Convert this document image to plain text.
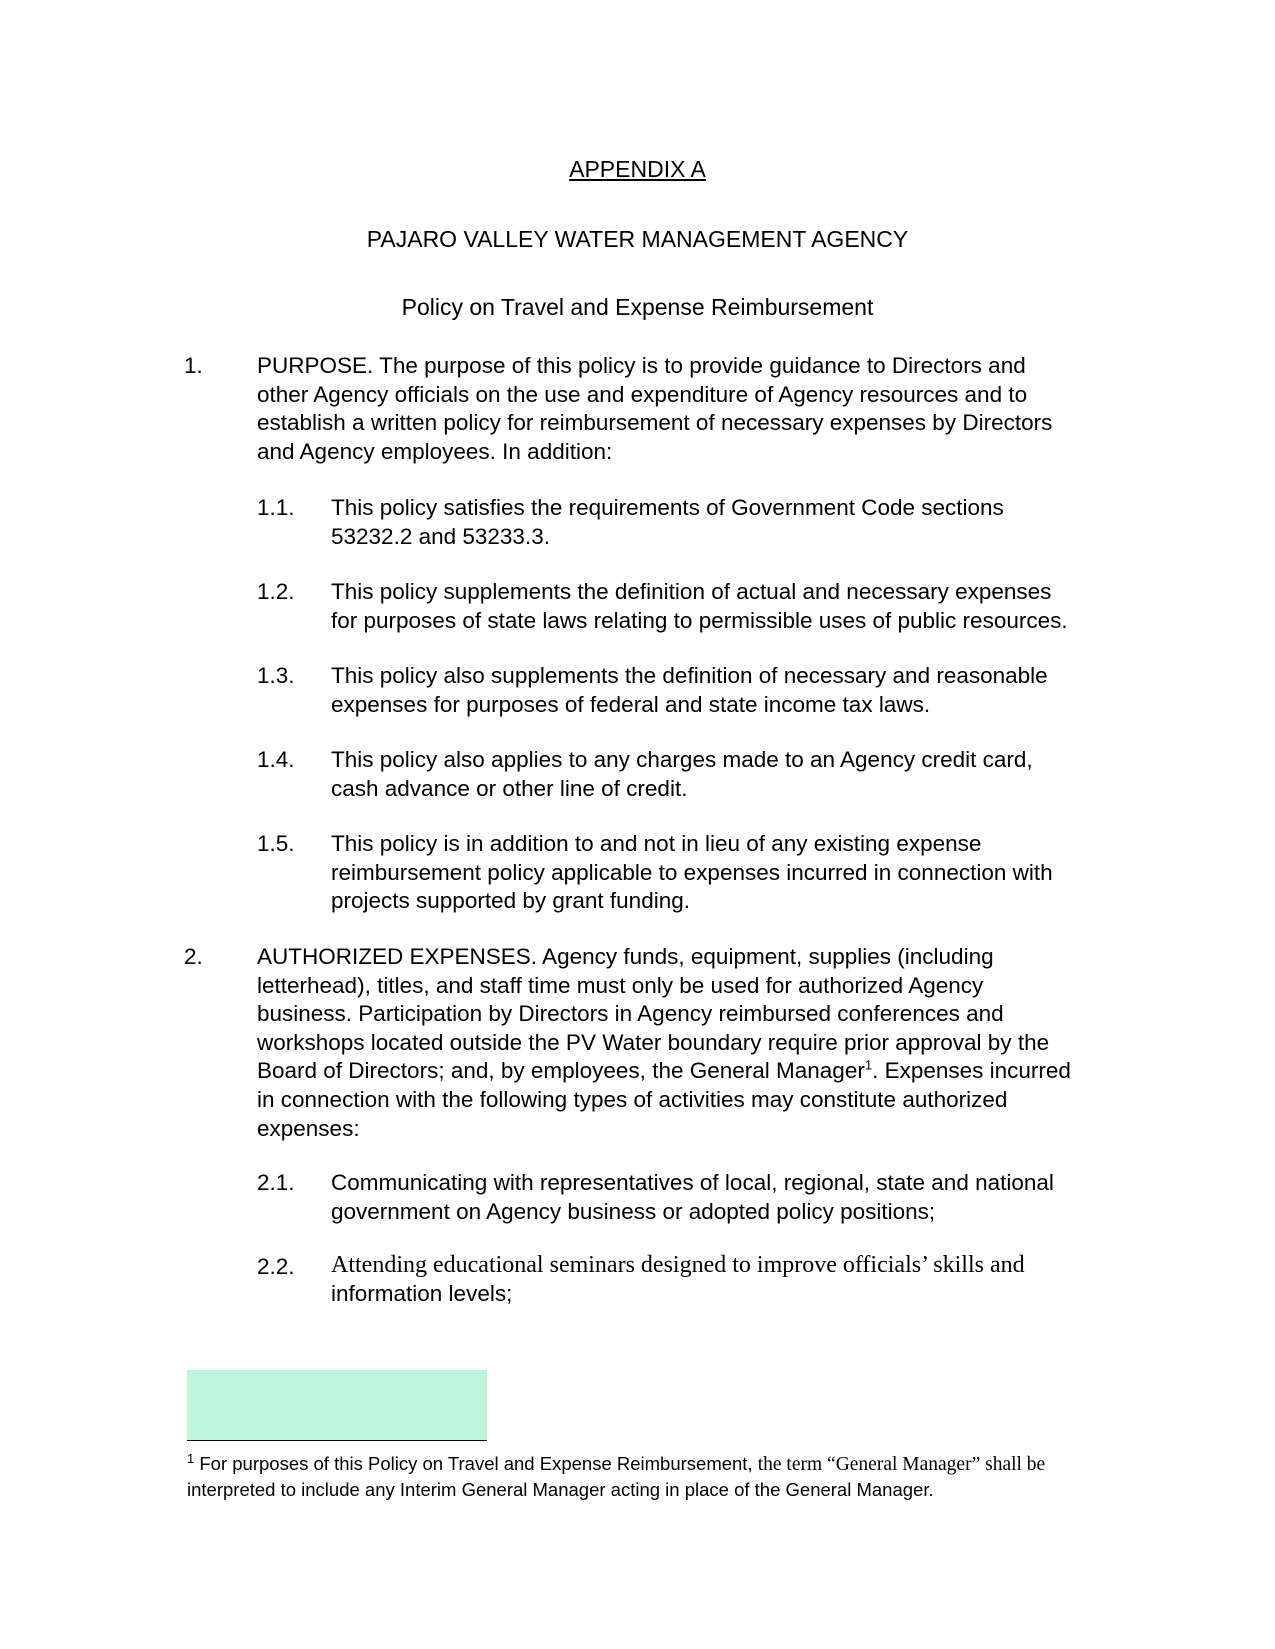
APPENDIX A
PAJARO VALLEY WATER MANAGEMENT AGENCY
Policy on Travel and Expense Reimbursement
1. PURPOSE. The purpose of this policy is to provide guidance to Directors and other Agency officials on the use and expenditure of Agency resources and to establish a written policy for reimbursement of necessary expenses by Directors and Agency employees. In addition:
1.1. This policy satisfies the requirements of Government Code sections 53232.2 and 53233.3.
1.2. This policy supplements the definition of actual and necessary expenses for purposes of state laws relating to permissible uses of public resources.
1.3. This policy also supplements the definition of necessary and reasonable expenses for purposes of federal and state income tax laws.
1.4. This policy also applies to any charges made to an Agency credit card, cash advance or other line of credit.
1.5. This policy is in addition to and not in lieu of any existing expense reimbursement policy applicable to expenses incurred in connection with projects supported by grant funding.
2. AUTHORIZED EXPENSES. Agency funds, equipment, supplies (including letterhead), titles, and staff time must only be used for authorized Agency business. Participation by Directors in Agency reimbursed conferences and workshops located outside the PV Water boundary require prior approval by the Board of Directors; and, by employees, the General Manager$^1$. Expenses incurred in connection with the following types of activities may constitute authorized expenses:
2.1. Communicating with representatives of local, regional, state and national government on Agency business or adopted policy positions;
2.2. Attending educational seminars designed to improve officials’ skills and
information levels;
$^1$ For purposes of this Policy on Travel and Expense Reimbursement, the term “General Manager” shall be
interpreted to include any Interim General Manager acting in place of the General Manager.
